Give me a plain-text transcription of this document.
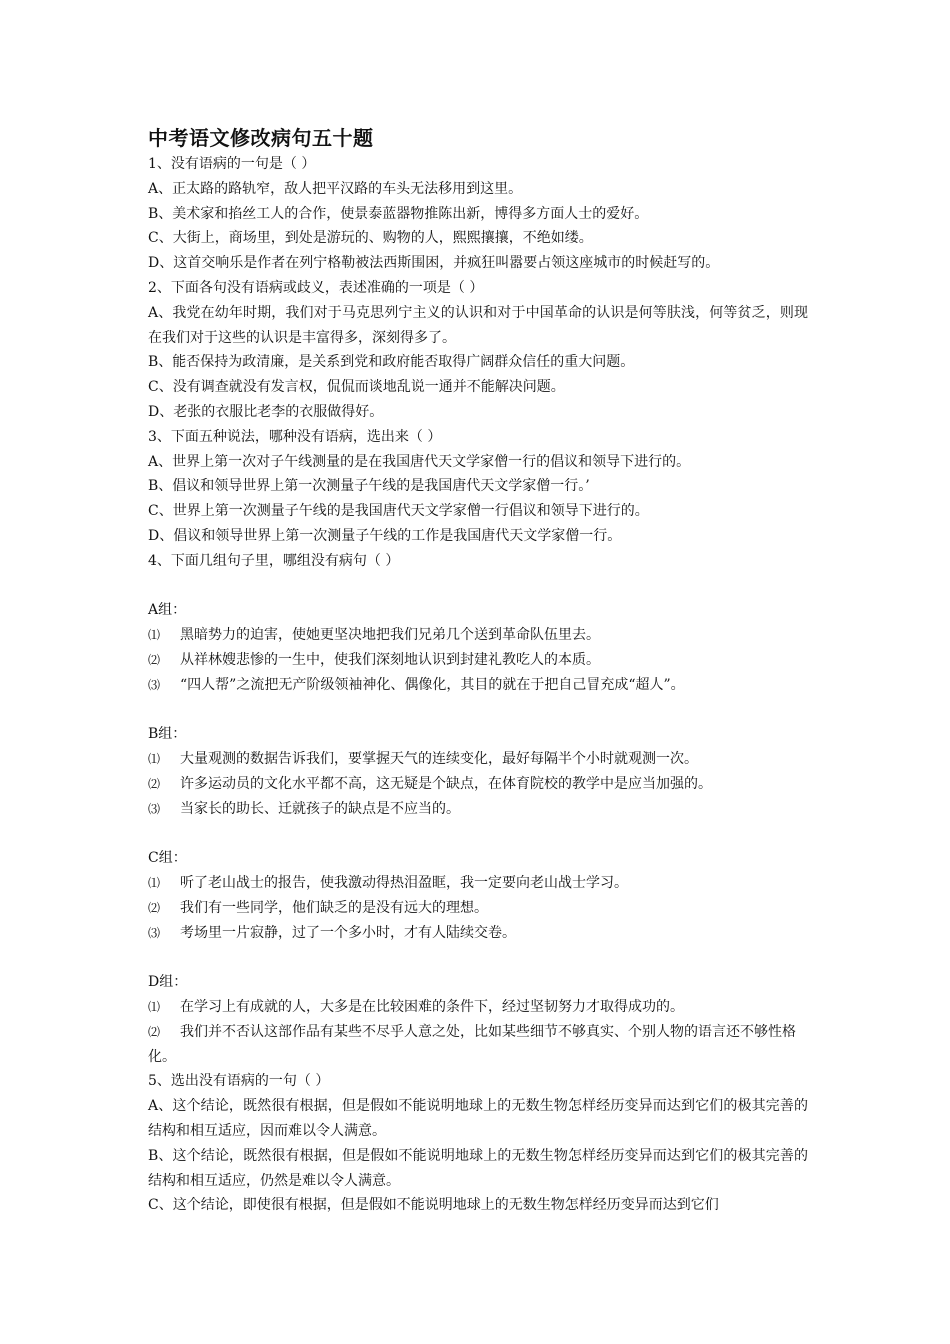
中考语文修改病句五十题

1、没有语病的一句是（ ）

A、正太路的路轨窄，敌人把平汉路的车头无法移用到这里。

B、美术家和掐丝工人的合作，使景泰蓝器物推陈出新，博得多方面人士的爱好。

C、大街上，商场里，到处是游玩的、购物的人，熙熙攘攘，不绝如缕。

D、这首交响乐是作者在列宁格勒被法西斯围困，并疯狂叫嚣要占领这座城市的时候赶写的。

2、下面各句没有语病或歧义，表述准确的一项是（ ）

A、我党在幼年时期，我们对于马克思列宁主义的认识和对于中国革命的认识是何等肤浅，何等贫乏，则现在我们对于这些的认识是丰富得多，深刻得多了。

B、能否保持为政清廉，是关系到党和政府能否取得广阔群众信任的重大问题。

C、没有调查就没有发言权，侃侃而谈地乱说一通并不能解决问题。

D、老张的衣服比老李的衣服做得好。

3、下面五种说法，哪种没有语病，选出来（ ）

A、世界上第一次对子午线测量的是在我国唐代天文学家僧一行的倡议和领导下进行的。

B、倡议和领导世界上第一次测量子午线的是我国唐代天文学家僧一行。’

C、世界上第一次测量子午线的是我国唐代天文学家僧一行倡议和领导下进行的。

D、倡议和领导世界上第一次测量子午线的工作是我国唐代天文学家僧一行。

4、下面几组句子里，哪组没有病句（ ）

A组：
⑴	黑暗势力的迫害，使她更坚决地把我们兄弟几个送到革命队伍里去。
⑵	从祥林嫂悲惨的一生中，使我们深刻地认识到封建礼教吃人的本质。
⑶	“四人帮”之流把无产阶级领袖神化、偶像化，其目的就在于把自己冒充成“超人”。
B组：
⑴	大量观测的数据告诉我们，要掌握天气的连续变化，最好每隔半个小时就观测一次。
⑵	许多运动员的文化水平都不高，这无疑是个缺点，在体育院校的教学中是应当加强的。
⑶	当家长的助长、迁就孩子的缺点是不应当的。
C组：
⑴	听了老山战士的报告，使我激动得热泪盈眶，我一定要向老山战士学习。
⑵	我们有一些同学，他们缺乏的是没有远大的理想。
⑶	考场里一片寂静，过了一个多小时，才有人陆续交卷。
D组：
⑴	在学习上有成就的人，大多是在比较困难的条件下，经过坚韧努力才取得成功的。
⑵ 我们并不否认这部作品有某些不尽乎人意之处，比如某些细节不够真实、个别人物的语言还不够性格化。

5、选出没有语病的一句（ ）

A、这个结论，既然很有根据，但是假如不能说明地球上的无数生物怎样经历变异而达到它们的极其完善的结构和相互适应，因而难以令人满意。

B、这个结论，既然很有根据，但是假如不能说明地球上的无数生物怎样经历变异而达到它们的极其完善的结构和相互适应，仍然是难以令人满意。

C、这个结论，即使很有根据，但是假如不能说明地球上的无数生物怎样经历变异而达到它们
